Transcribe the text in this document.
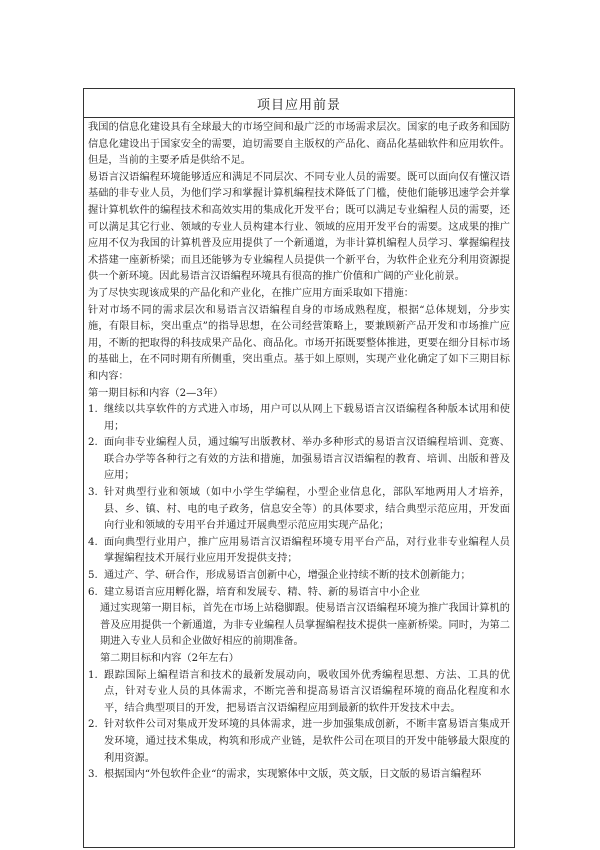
项目应用前景

我国的信息化建设具有全球最大的市场空间和最广泛的市场需求层次。国家的电子政务和国防信息化建设出于国家安全的需要，迫切需要自主版权的产品化、商品化基础软件和应用软件。但是，当前的主要矛盾是供给不足。

易语言汉语编程环境能够适应和满足不同层次、不同专业人员的需要。既可以面向仅有懂汉语基础的非专业人员，为他们学习和掌握计算机编程技术降低了门槛，使他们能够迅速学会并掌握计算机软件的编程技术和高效实用的集成化开发平台；既可以满足专业编程人员的需要，还可以满足其它行业、领域的专业人员构建本行业、领域的应用开发平台的需要。这成果的推广应用不仅为我国的计算机普及应用提供了一个新通道，为非计算机编程人员学习、掌握编程技术搭建一座新桥梁；而且还能够为专业编程人员提供一个新平台，为软件企业充分利用资源提供一个新环境。因此易语言汉语编程环境具有很高的推广价值和广阔的产业化前景。

为了尽快实现该成果的产品化和产业化，在推广应用方面采取如下措施：

针对市场不同的需求层次和易语言汉语编程自身的市场成熟程度，根据“总体规划，分步实施，有限目标，突出重点”的指导思想，在公司经营策略上，要兼顾新产品开发和市场推广应用，不断的把取得的科技成果产品化、商品化。市场开拓既要整体推进，更要在细分目标市场的基础上，在不同时期有所侧重，突出重点。基于如上原则，实现产业化确定了如下三期目标和内容：

第一期目标和内容（2—3年）

1. 继续以共享软件的方式进入市场，用户可以从网上下载易语言汉语编程各种版本试用和使用；
2. 面向非专业编程人员，通过编写出版教材、举办多种形式的易语言汉语编程培训、竞赛、联合办学等各种行之有效的方法和措施，加强易语言汉语编程的教育、培训、出版和普及应用；
3. 针对典型行业和领域（如中小学生学编程，小型企业信息化，部队军地两用人才培养，县、乡、镇、村、电的电子政务，信息安全等）的具体要求，结合典型示范应用，开发面向行业和领域的专用平台并通过开展典型示范应用实现产品化；
4. 面向典型行业用户，推广应用易语言汉语编程环境专用平台产品，对行业非专业编程人员掌握编程技术开展行业应用开发提供支持；
5. 通过产、学、研合作，形成易语言创新中心，增强企业持续不断的技术创新能力；
6. 建立易语言应用孵化器，培育和发展专、精、特、新的易语言中小企业

通过实现第一期目标，首先在市场上站稳脚跟。使易语言汉语编程环境为推广我国计算机的普及应用提供一个新通道，为非专业编程人员掌握编程技术提供一座新桥梁。同时，为第二期进入专业人员和企业做好相应的前期准备。

第二期目标和内容（2年左右）

1. 跟踪国际上编程语言和技术的最新发展动向，吸收国外优秀编程思想、方法、工具的优点，针对专业人员的具体需求，不断完善和提高易语言汉语编程环境的商品化程度和水平，结合典型项目的开发，把易语言汉语编程应用到最新的软件开发技术中去。
2. 针对软件公司对集成开发环境的具体需求，进一步加强集成创新，不断丰富易语言集成开发环境，通过技术集成，构筑和形成产业链，是软件公司在项目的开发中能够最大限度的利用资源。
3. 根据国内“外包软件企业“的需求，实现繁体中文版，英文版，日文版的易语言编程环
